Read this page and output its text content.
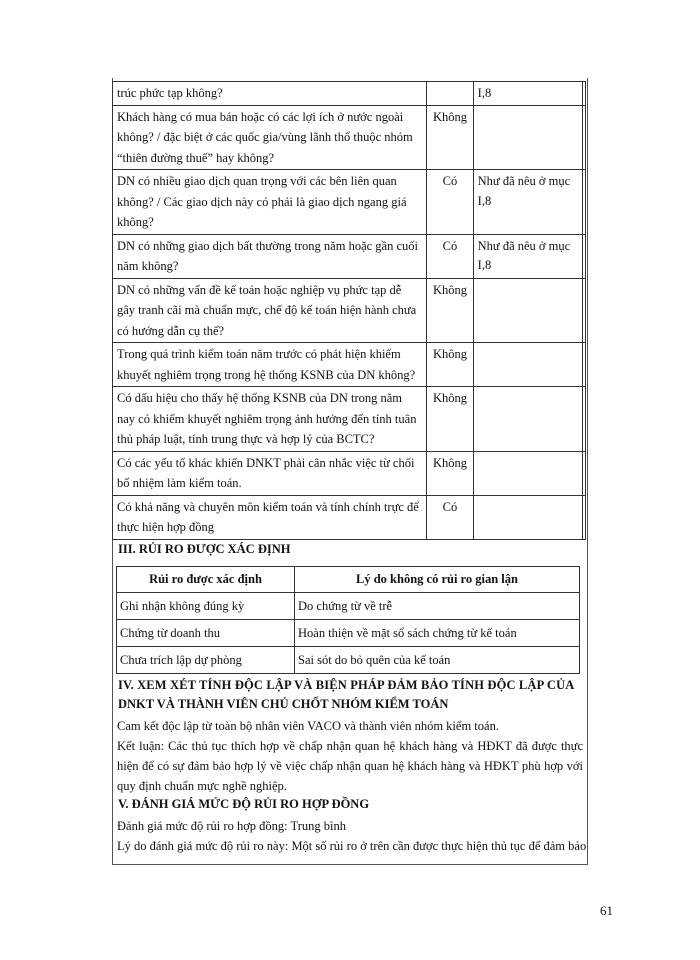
trúc phức tạp không?		I,8	
Khách hàng có mua bán hoặc có các lợi ích ở nước ngoài không? / đặc biệt ở các quốc gia/vùng lãnh thổ thuộc nhóm “thiên đường thuế” hay không?	Không		
DN có nhiều giao dịch quan trọng với các bên liên quan không? / Các giao dịch này có phải là giao dịch ngang giá không?	Có	Như đã nêu ở mục I,8	
DN có những giao dịch bất thường trong năm hoặc gần cuối năm không?	Có	Như đã nêu ở mục I,8	
DN có những vấn đề kế toán hoặc nghiệp vụ phức tạp dễ gây tranh cãi mà chuẩn mực, chế độ kế toán hiện hành chưa có hướng dẫn cụ thể?	Không		
Trong quá trình kiểm toán năm trước có phát hiện khiếm khuyết nghiêm trọng trong hệ thống KSNB của DN không?	Không		
Có dấu hiệu cho thấy hệ thống KSNB của DN trong năm nay có khiếm khuyết nghiêm trọng ảnh hưởng đến tính tuân thủ pháp luật, tính trung thực và hợp lý của BCTC?	Không		
Có các yếu tố khác khiến DNKT phải cân nhắc việc từ chối bổ nhiệm làm kiểm toán.	Không		
Có khả năng và chuyên môn kiểm toán và tính chính trực để thực hiện hợp đồng	Có		
III. RỦI RO ĐƯỢC XÁC ĐỊNH
Rủi ro được xác định	Lý do không có rủi ro gian lận
Ghi nhận không đúng kỳ	Do chứng từ về trễ
Chứng từ doanh thu	Hoàn thiện về mặt sổ sách chứng từ kế toán
Chưa trích lập dự phòng	Sai sót do bỏ quên của kế toán
IV. XEM XÉT TÍNH ĐỘC LẬP VÀ BIỆN PHÁP ĐẢM BẢO TÍNH ĐỘC LẬP CỦA
DNKT VÀ THÀNH VIÊN CHỦ CHỐT NHÓM KIỂM TOÁN
Cam kết độc lập từ toàn bộ nhân viên VACO và thành viên nhóm kiểm toán.
Kết luận: Các thủ tục thích hợp về chấp nhận quan hệ khách hàng và HĐKT đã được thực hiện để có sự đảm bảo hợp lý về việc chấp nhận quan hệ khách hàng và HĐKT phù hợp với quy định chuẩn mực nghề nghiệp.
V. ĐÁNH GIÁ MỨC ĐỘ RỦI RO HỢP ĐỒNG
Đánh giá mức độ rủi ro hợp đồng: Trung bình
Lý do đánh giá mức độ rủi ro này: Một số rủi ro ở trên cần được thực hiện thủ tục để đảm bảo
61
